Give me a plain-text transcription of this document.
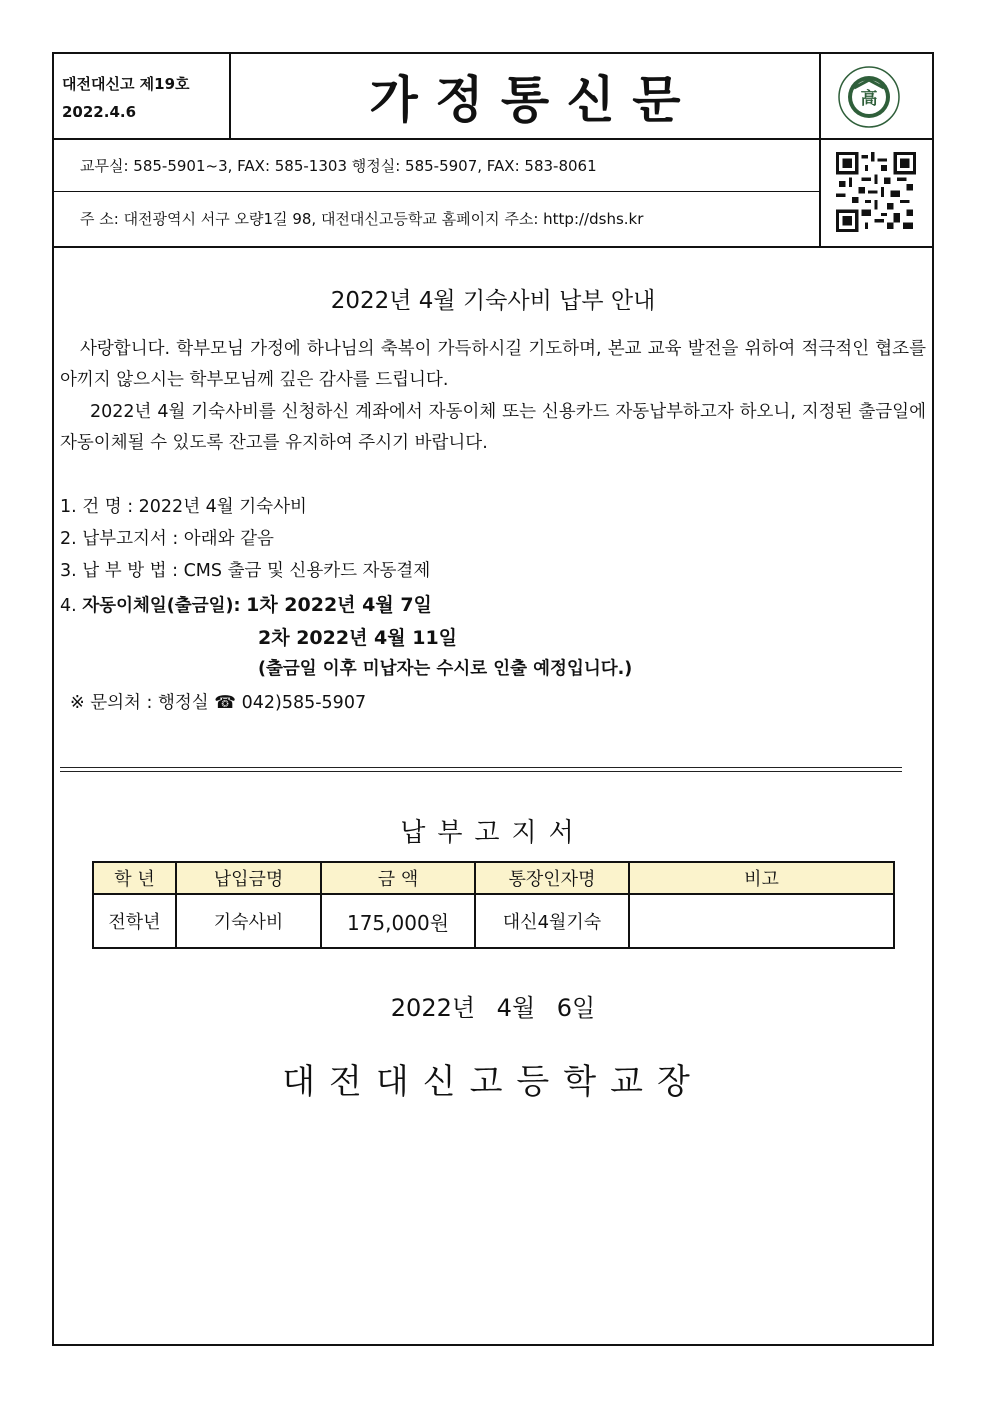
대전대신고 제19호
2022.4.6	가 정 통 신 문	高
교무실: 585-5901~3, FAX: 585-1303 행정실: 585-5907, FAX: 583-8061
주 소: 대전광역시 서구 오량1길 98, 대전대신고등학교 홈페이지 주소: http://dshs.kr
2022년 4월 기숙사비 납부 안내
사랑합니다. 학부모님 가정에 하나님의 축복이 가득하시길 기도하며, 본교 교육 발전을 위하여 적극적인 협조를 아끼지 않으시는 학부모님께 깊은 감사를 드립니다.
2022년 4월 기숙사비를 신청하신 계좌에서 자동이체 또는 신용카드 자동납부하고자 하오니, 지정된 출금일에 자동이체될 수 있도록 잔고를 유지하여 주시기 바랍니다.
1. 건 명 : 2022년 4월 기숙사비
2. 납부고지서 : 아래와 같음
3. 납 부 방 법 : CMS 출금 및 신용카드 자동결제
4. 자동이체일(출금일): 1차 2022년 4월 7일
2차 2022년 4월 11일
(출금일 이후 미납자는 수시로 인출 예정입니다.)
※ 문의처 : 행정실 ☎ 042)585-5907
납부고지서
학 년	납입금명	금 액	통장인자명	비고
전학년	기숙사비	175,000원	대신4월기숙	
2022년 4월 6일
대전대신고등학교장
